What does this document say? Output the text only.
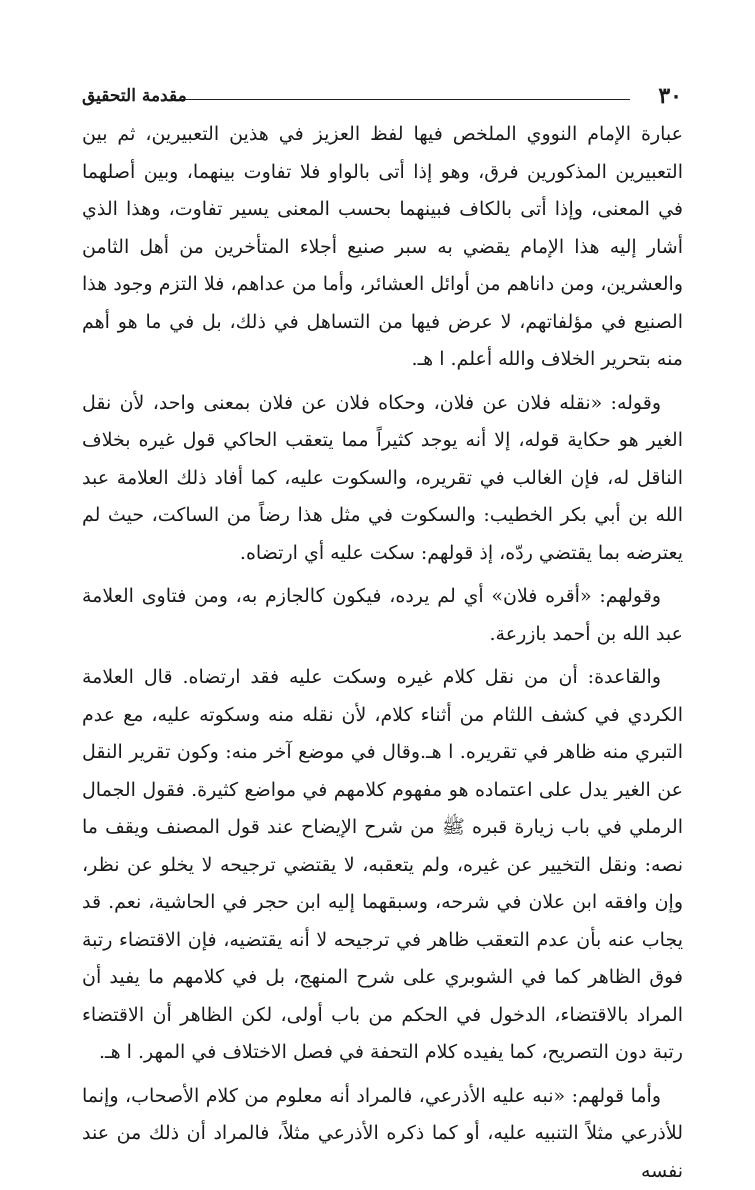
٣٠
مقدمة التحقيق

عبارة الإمام النووي الملخص فيها لفظ العزيز في هذين التعبيرين، ثم بين التعبيرين المذكورين فرق، وهو إذا أتى بالواو فلا تفاوت بينهما، وبين أصلهما في المعنى، وإذا أتى بالكاف فبينهما بحسب المعنى يسير تفاوت، وهذا الذي أشار إليه هذا الإمام يقضي به سبر صنيع أجلاء المتأخرين من أهل الثامن والعشرين، ومن داناهم من أوائل العشائر، وأما من عداهم، فلا التزم وجود هذا الصنيع في مؤلفاتهم، لا عرض فيها من التساهل في ذلك، بل في ما هو أهم منه بتحرير الخلاف والله أعلم. ا هـ.

وقوله: «نقله فلان عن فلان، وحكاه فلان عن فلان بمعنى واحد، لأن نقل الغير هو حكاية قوله، إلا أنه يوجد كثيراً مما يتعقب الحاكي قول غيره بخلاف الناقل له، فإن الغالب في تقريره، والسكوت عليه، كما أفاد ذلك العلامة عبد الله بن أبي بكر الخطيب: والسكوت في مثل هذا رضاً من الساكت، حيث لم يعترضه بما يقتضي ردّه، إذ قولهم: سكت عليه أي ارتضاه.

وقولهم: «أقره فلان» أي لم يرده، فيكون كالجازم به، ومن فتاوى العلامة عبد الله بن أحمد بازرعة.

والقاعدة: أن من نقل كلام غيره وسكت عليه فقد ارتضاه. قال العلامة الكردي في كشف اللثام من أثناء كلام، لأن نقله منه وسكوته عليه، مع عدم التبري منه ظاهر في تقريره. ا هـ.وقال في موضع آخر منه: وكون تقرير النقل عن الغير يدل على اعتماده هو مفهوم كلامهم في مواضع كثيرة. فقول الجمال الرملي في باب زيارة قبره ﷺ من شرح الإيضاح عند قول المصنف ويقف ما نصه: ونقل التخيير عن غيره، ولم يتعقبه، لا يقتضي ترجيحه لا يخلو عن نظر، وإن وافقه ابن علان في شرحه، وسبقهما إليه ابن حجر في الحاشية، نعم. قد يجاب عنه بأن عدم التعقب ظاهر في ترجيحه لا أنه يقتضيه، فإن الاقتضاء رتبة فوق الظاهر كما في الشوبري على شرح المنهج، بل في كلامهم ما يفيد أن المراد بالاقتضاء، الدخول في الحكم من باب أولى، لكن الظاهر أن الاقتضاء رتبة دون التصريح، كما يفيده كلام التحفة في فصل الاختلاف في المهر. ا هـ.

وأما قولهم: «نبه عليه الأذرعي، فالمراد أنه معلوم من كلام الأصحاب، وإنما للأذرعي مثلاً التنبيه عليه، أو كما ذكره الأذرعي مثلاً، فالمراد أن ذلك من عند نفسه
